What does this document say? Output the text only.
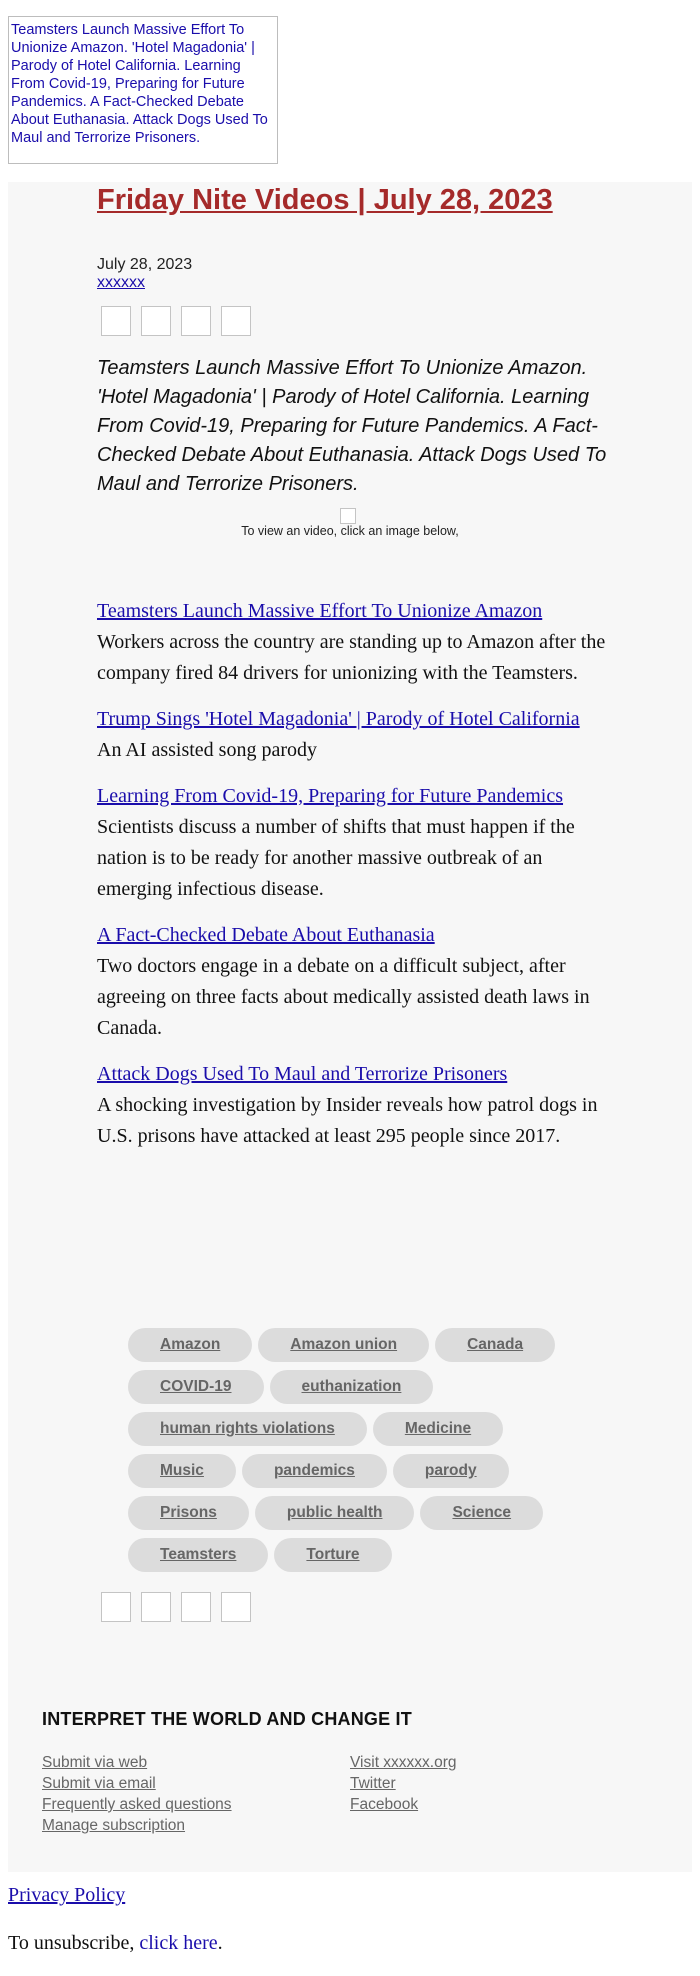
Teamsters Launch Massive Effort To Unionize Amazon. 'Hotel Magadonia' | Parody of Hotel California. Learning From Covid-19, Preparing for Future Pandemics. A Fact-Checked Debate About Euthanasia. Attack Dogs Used To Maul and Terrorize Prisoners.
Friday Nite Videos | July 28, 2023
July 28, 2023
xxxxxx

Teamsters Launch Massive Effort To Unionize Amazon. 'Hotel Magadonia' | Parody of Hotel California. Learning From Covid-19, Preparing for Future Pandemics. A Fact-Checked Debate About Euthanasia. Attack Dogs Used To Maul and Terrorize Prisoners.

To view an video, click an image below,
Teamsters Launch Massive Effort To Unionize Amazon

Workers across the country are standing up to Amazon after the company fired 84 drivers for unionizing with the Teamsters.

Trump Sings 'Hotel Magadonia' | Parody of Hotel California

An AI assisted song parody

Learning From Covid-19, Preparing for Future Pandemics

Scientists discuss a number of shifts that must happen if the nation is to be ready for another massive outbreak of an emerging infectious disease.

A Fact-Checked Debate About Euthanasia

Two doctors engage in a debate on a difficult subject, after agreeing on three facts about medically assisted death laws in Canada.

Attack Dogs Used To Maul and Terrorize Prisoners

A shocking investigation by Insider reveals how patrol dogs in U.S. prisons have attacked at least 295 people since 2017.

Amazon	Amazon union	Canada
COVID-19	euthanization
human rights violations	Medicine
Music	pandemics	parody
Prisons	public health	Science
Teamsters	Torture
INTERPRET THE WORLD AND CHANGE IT
Submit via web
Submit via email
Frequently asked questions
Manage subscription
Visit xxxxxx.org
Twitter
Facebook
Privacy Policy
To unsubscribe, click here.
